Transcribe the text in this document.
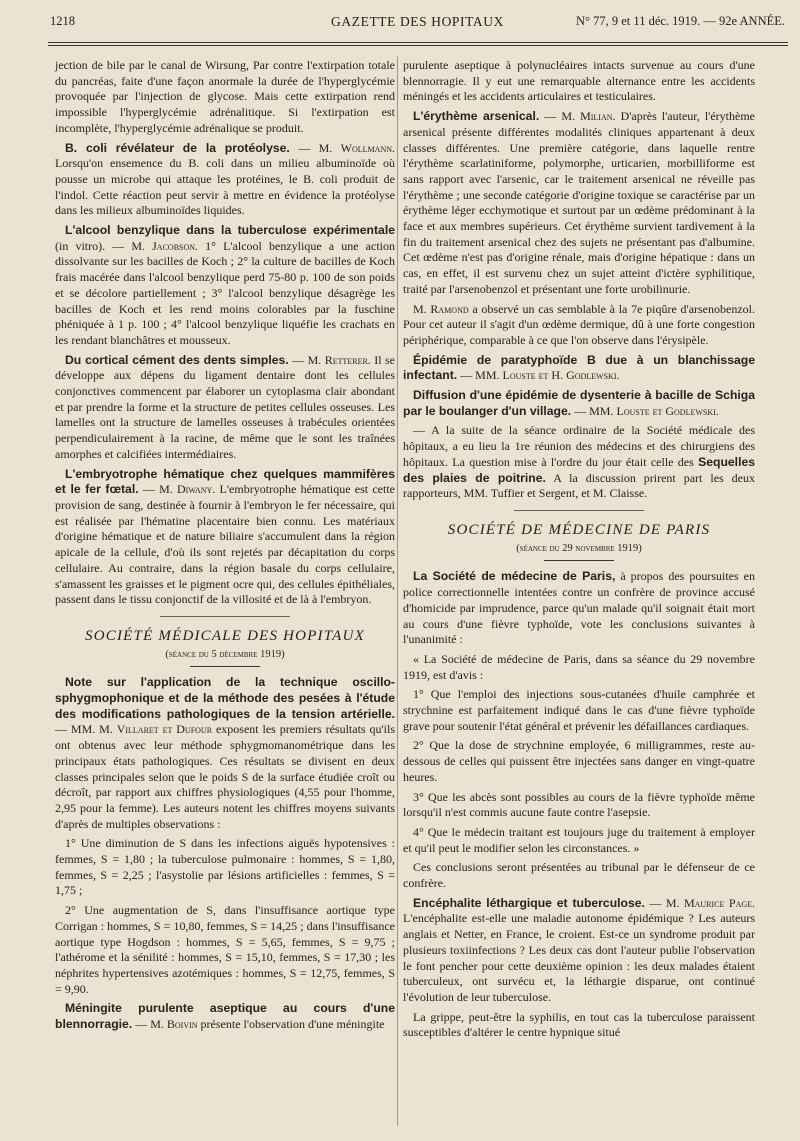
1218	GAZETTE DES HOPITAUX	N° 77, 9 et 11 déc. 1919. — 92e ANNÉE.

jection de bile par le canal de Wirsung, Par contre l'extirpation totale du pancréas, faite d'une façon anormale la durée de l'hyperglycémie provoquée par l'injection de glycose. Mais cette extirpation rend impossible l'hyperglycémie adrénalitique. Si l'extirpation est incomplète, l'hyperglycémie adrénalique se produit.

B. coli révélateur de la protéolyse. — M. Wollmann. Lorsqu'on ensemence du B. coli dans un milieu albuminoïde où pousse un microbe qui attaque les protéines, le B. coli produit de l'indol. Cette réaction peut servir à mettre en évidence la protéolyse dans les milieux albuminoïdes liquides.

L'alcool benzylique dans la tuberculose expérimentale (in vitro). — M. Jacobson. 1° L'alcool benzylique a une action dissolvante sur les bacilles de Koch ; 2° la culture de bacilles de Koch frais macérée dans l'alcool benzylique perd 75-80 p. 100 de son poids et se décolore partiellement ; 3° l'alcool benzylique désagrège les bacilles de Koch et les rend moins colorables par la fuschine phéniquée à 1 p. 100 ; 4° l'alcool benzylique liquéfie les crachats en les rendant blanchâtres et mousseux.

Du cortical cément des dents simples. — M. Retterer. Il se développe aux dépens du ligament dentaire dont les cellules conjonctives commencent par élaborer un cytoplasma clair abondant et par prendre la forme et la structure de petites cellules osseuses. Les lamelles ont la structure de lamelles osseuses à trabécules orientées perpendiculairement à la racine, de même que le sont les traînées amorphes et calcifiées intermédiaires.

L'embryotrophe hématique chez quelques mammifères et le fer fœtal. — M. Diwany. L'embryotrophe hématique est cette provision de sang, destinée à fournir à l'embryon le fer nécessaire, qui est réalisée par l'hématine placentaire bien connu. Les matériaux d'origine hématique et de nature biliaire s'accumulent dans la région apicale de la cellule, d'où ils sont rejetés par décapitation du corps cellulaire. Au contraire, dans la région basale du corps cellulaire, s'amassent les graisses et le pigment ocre qui, des cellules épithéliales, passent dans le tissu conjonctif de la villosité et de là à l'embryon.

SOCIÉTÉ MÉDICALE DES HOPITAUX
(séance du 5 décembre 1919)

Note sur l'application de la technique oscillo-sphygmophonique et de la méthode des pesées à l'étude des modifications pathologiques de la tension artérielle. — MM. M. Villaret et Dufour exposent les premiers résultats qu'ils ont obtenus avec leur méthode sphygmomanométrique dans les principaux états pathologiques. Ces résultats se divisent en deux classes principales selon que le poids S de la surface étudiée croît ou décroît, par rapport aux chiffres physiologiques (4,55 pour l'homme, 2,95 pour la femme). Les auteurs notent les chiffres moyens suivants d'après de multiples observations :

1° Une diminution de S dans les infections aiguës hypotensives : femmes, S = 1,80 ; la tuberculose pulmonaire : hommes, S = 1,80, femmes, S = 2,25 ; l'asystolie par lésions artificielles : femmes, S = 1,75 ;

2° Une augmentation de S, dans l'insuffisance aortique type Corrigan : hommes, S = 10,80, femmes, S = 14,25 ; dans l'insuffisance aortique type Hogdson : hommes, S = 5,65, femmes, S = 9,75 ; l'athérome et la sénilité : hommes, S = 15,10, femmes, S = 17,30 ; les néphrites hypertensives azotémiques : hommes, S = 12,75, femmes, S = 9,90.

Méningite purulente aseptique au cours d'une blennorragie. — M. Boivin présente l'observation d'une méningite

purulente aseptique à polynucléaires intacts survenue au cours d'une blennorragie. Il y eut une remarquable alternance entre les accidents méningés et les accidents articulaires et testiculaires.

L'érythème arsenical. — M. Milian. D'après l'auteur, l'érythème arsenical présente différentes modalités cliniques appartenant à deux classes différentes. Une première catégorie, dans laquelle rentre l'érythème scarlatiniforme, polymorphe, urticarien, morbilliforme est sans rapport avec l'arsenic, car le traitement arsenical ne réveille pas l'érythème ; une seconde catégorie d'origine toxique se caractérise par un érythème léger ecchymotique et surtout par un œdème prédominant à la face et aux membres supérieurs. Cet érythème survient tardivement à la fin du traitement arsenical chez des sujets ne présentant pas d'albumine. Cet œdème n'est pas d'origine rénale, mais d'origine hépatique : dans un cas, en effet, il est survenu chez un sujet atteint d'ictère syphilitique, traité par l'arsenobenzol et présentant une forte urobilinurie.

M. Ramond a observé un cas semblable à la 7e piqûre d'arsenobenzol. Pour cet auteur il s'agit d'un œdème dermique, dû à une forte congestion périphérique, comparable à ce que l'on observe dans l'érysipèle.

Épidémie de paratyphoïde B due à un blanchissage infectant. — MM. Louste et H. Godlewski.

Diffusion d'une épidémie de dysenterie à bacille de Schiga par le boulanger d'un village. — MM. Louste et Godlewski.

— A la suite de la séance ordinaire de la Société médicale des hôpitaux, a eu lieu la 1re réunion des médecins et des chirurgiens des hôpitaux. La question mise à l'ordre du jour était celle des Sequelles des plaies de poitrine. A la discussion prirent part les deux rapporteurs, MM. Tuffier et Sergent, et M. Claisse.

SOCIÉTÉ DE MÉDECINE DE PARIS
(séance du 29 novembre 1919)

La Société de médecine de Paris, à propos des poursuites en police correctionnelle intentées contre un confrère de province accusé d'homicide par imprudence, parce qu'un malade qu'il soignait était mort au cours d'une fièvre typhoïde, vote les conclusions suivantes à l'unanimité :

« La Société de médecine de Paris, dans sa séance du 29 novembre 1919, est d'avis :

1° Que l'emploi des injections sous-cutanées d'huile camphrée et strychnine est parfaitement indiqué dans le cas d'une fièvre typhoïde grave pour soutenir l'état général et prévenir les défaillances cardiaques.

2° Que la dose de strychnine employée, 6 milligrammes, reste au-dessous de celles qui puissent être injectées sans danger en vingt-quatre heures.

3° Que les abcès sont possibles au cours de la fièvre typhoïde même lorsqu'il n'est commis aucune faute contre l'asepsie.

4° Que le médecin traitant est toujours juge du traitement à employer et qu'il peut le modifier selon les circonstances. »

Ces conclusions seront présentées au tribunal par le défenseur de ce confrère.

Encéphalite léthargique et tuberculose. — M. Maurice Page. L'encéphalite est-elle une maladie autonome épidémique ? Les auteurs anglais et Netter, en France, le croient. Est-ce un syndrome produit par plusieurs toxiinfections ? Les deux cas dont l'auteur publie l'observation le font pencher pour cette deuxième opinion : les deux malades étaient tuberculeux, ont survécu et, la léthargie disparue, ont continué l'évolution de leur tuberculose.

La grippe, peut-être la syphilis, en tout cas la tuberculose paraissent susceptibles d'altérer le centre hypnique situé
